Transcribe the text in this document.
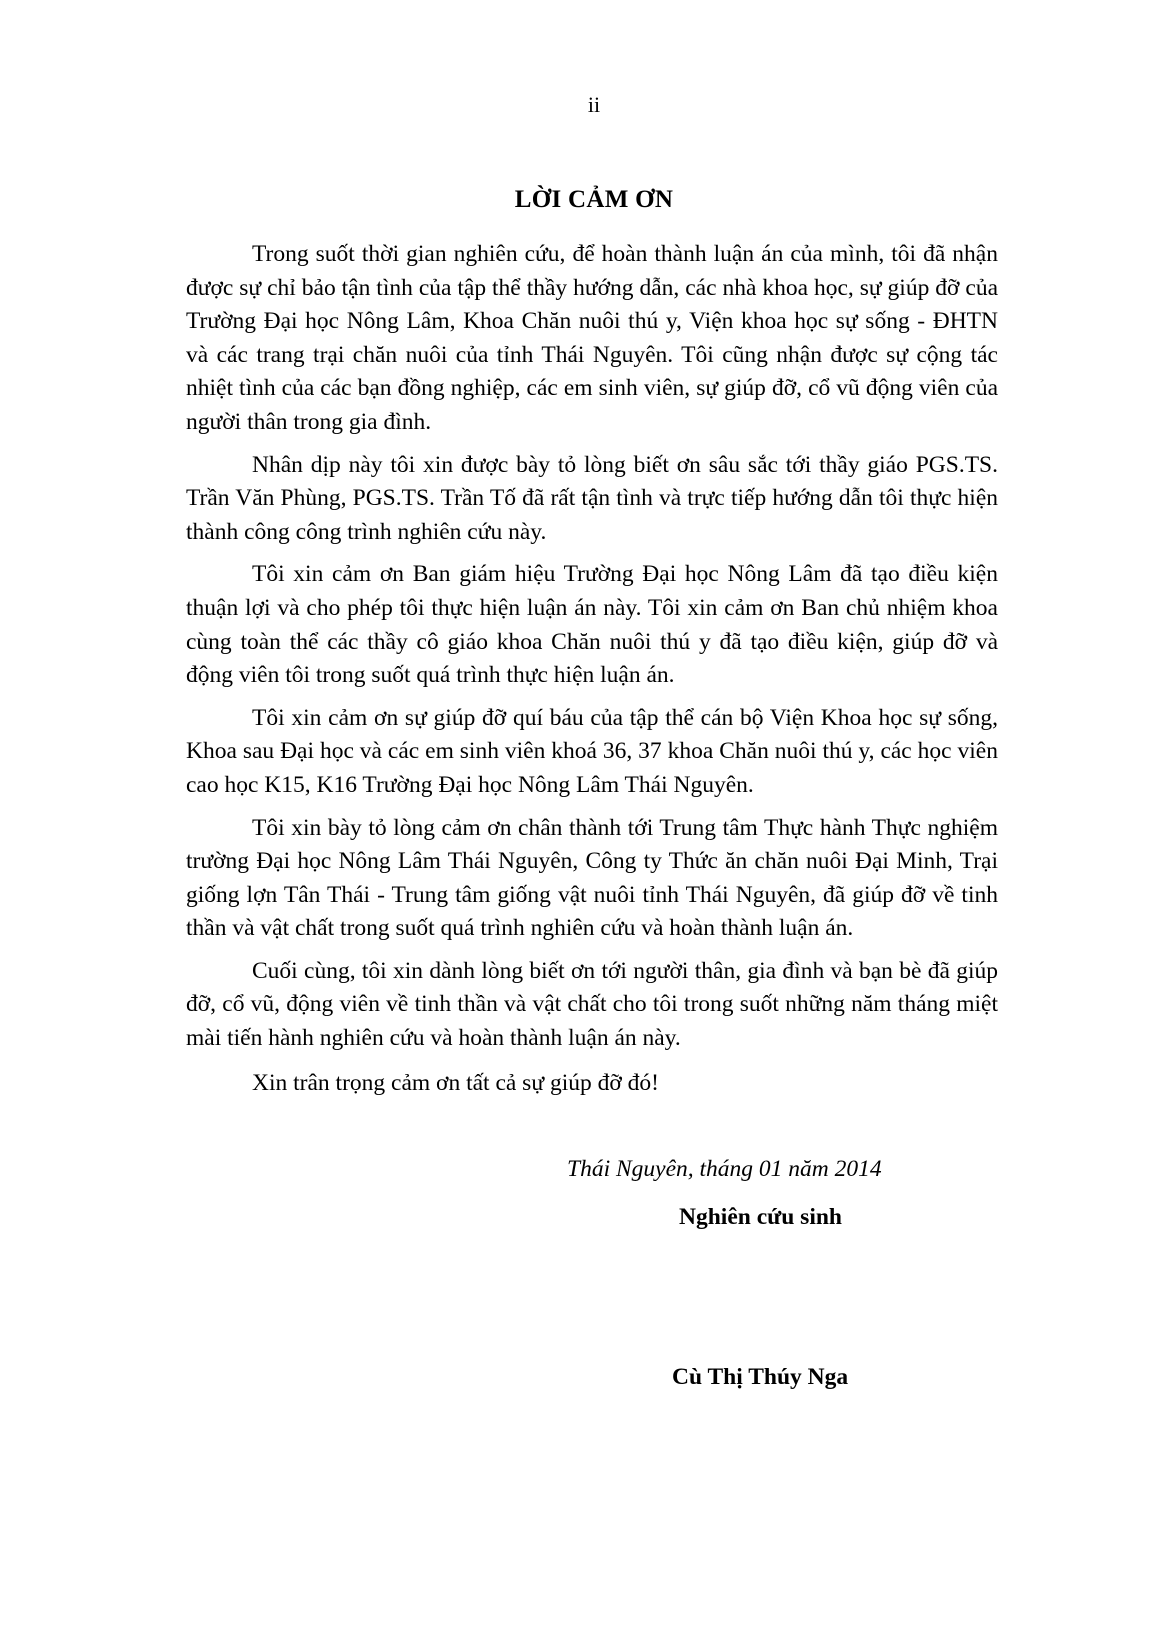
ii
LỜI CẢM ƠN

Trong suốt thời gian nghiên cứu, để hoàn thành luận án của mình, tôi đã nhận được sự chỉ bảo tận tình của tập thể thầy hướng dẫn, các nhà khoa học, sự giúp đỡ của Trường Đại học Nông Lâm, Khoa Chăn nuôi thú y, Viện khoa học sự sống - ĐHTN và các trang trại chăn nuôi của tỉnh Thái Nguyên. Tôi cũng nhận được sự cộng tác nhiệt tình của các bạn đồng nghiệp, các em sinh viên, sự giúp đỡ, cổ vũ động viên của người thân trong gia đình.

Nhân dịp này tôi xin được bày tỏ lòng biết ơn sâu sắc tới thầy giáo PGS.TS. Trần Văn Phùng, PGS.TS. Trần Tố đã rất tận tình và trực tiếp hướng dẫn tôi thực hiện thành công công trình nghiên cứu này.

Tôi xin cảm ơn Ban giám hiệu Trường Đại học Nông Lâm đã tạo điều kiện thuận lợi và cho phép tôi thực hiện luận án này. Tôi xin cảm ơn Ban chủ nhiệm khoa cùng toàn thể các thầy cô giáo khoa Chăn nuôi thú y đã tạo điều kiện, giúp đỡ và động viên tôi trong suốt quá trình thực hiện luận án.

Tôi xin cảm ơn sự giúp đỡ quí báu của tập thể cán bộ Viện Khoa học sự sống, Khoa sau Đại học và các em sinh viên khoá 36, 37 khoa Chăn nuôi thú y, các học viên cao học K15, K16 Trường Đại học Nông Lâm Thái Nguyên.

Tôi xin bày tỏ lòng cảm ơn chân thành tới Trung tâm Thực hành Thực nghiệm trường Đại học Nông Lâm Thái Nguyên, Công ty Thức ăn chăn nuôi Đại Minh, Trại giống lợn Tân Thái - Trung tâm giống vật nuôi tỉnh Thái Nguyên, đã giúp đỡ về tinh thần và vật chất trong suốt quá trình nghiên cứu và hoàn thành luận án.

Cuối cùng, tôi xin dành lòng biết ơn tới người thân, gia đình và bạn bè đã giúp đỡ, cổ vũ, động viên về tinh thần và vật chất cho tôi trong suốt những năm tháng miệt mài tiến hành nghiên cứu và hoàn thành luận án này.

Xin trân trọng cảm ơn tất cả sự giúp đỡ đó!

Thái Nguyên, tháng 01 năm 2014
Nghiên cứu sinh
Cù Thị Thúy Nga
